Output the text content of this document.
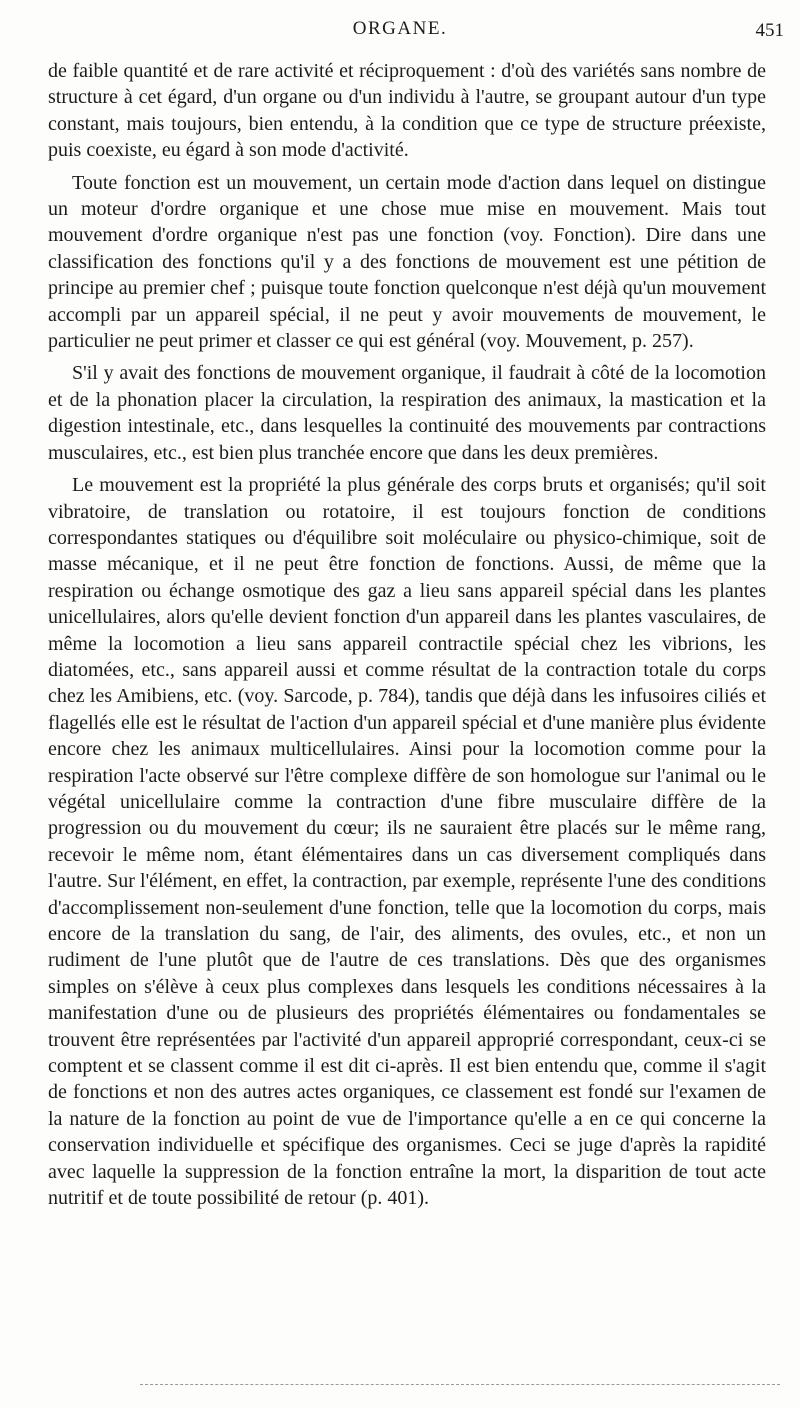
ORGANE.	451

de faible quantité et de rare activité et réciproquement : d'où des variétés sans nombre de structure à cet égard, d'un organe ou d'un individu à l'autre, se groupant autour d'un type constant, mais toujours, bien entendu, à la condition que ce type de structure préexiste, puis coexiste, eu égard à son mode d'activité.

Toute fonction est un mouvement, un certain mode d'action dans lequel on distingue un moteur d'ordre organique et une chose mue mise en mouvement. Mais tout mouvement d'ordre organique n'est pas une fonction (voy. Fonction). Dire dans une classification des fonctions qu'il y a des fonctions de mouvement est une pétition de principe au premier chef ; puisque toute fonction quelconque n'est déjà qu'un mouvement accompli par un appareil spécial, il ne peut y avoir mouvements de mouvement, le particulier ne peut primer et classer ce qui est général (voy. Mouvement, p. 257).

S'il y avait des fonctions de mouvement organique, il faudrait à côté de la locomotion et de la phonation placer la circulation, la respiration des animaux, la mastication et la digestion intestinale, etc., dans lesquelles la continuité des mouvements par contractions musculaires, etc., est bien plus tranchée encore que dans les deux premières.

Le mouvement est la propriété la plus générale des corps bruts et organisés; qu'il soit vibratoire, de translation ou rotatoire, il est toujours fonction de conditions correspondantes statiques ou d'équilibre soit moléculaire ou physico-chimique, soit de masse mécanique, et il ne peut être fonction de fonctions. Aussi, de même que la respiration ou échange osmotique des gaz a lieu sans appareil spécial dans les plantes unicellulaires, alors qu'elle devient fonction d'un appareil dans les plantes vasculaires, de même la locomotion a lieu sans appareil contractile spécial chez les vibrions, les diatomées, etc., sans appareil aussi et comme résultat de la contraction totale du corps chez les Amibiens, etc. (voy. Sarcode, p. 784), tandis que déjà dans les infusoires ciliés et flagellés elle est le résultat de l'action d'un appareil spécial et d'une manière plus évidente encore chez les animaux multicellulaires. Ainsi pour la locomotion comme pour la respiration l'acte observé sur l'être complexe diffère de son homologue sur l'animal ou le végétal unicellulaire comme la contraction d'une fibre musculaire diffère de la progression ou du mouvement du cœur; ils ne sauraient être placés sur le même rang, recevoir le même nom, étant élémentaires dans un cas diversement compliqués dans l'autre. Sur l'élément, en effet, la contraction, par exemple, représente l'une des conditions d'accomplissement non-seulement d'une fonction, telle que la locomotion du corps, mais encore de la translation du sang, de l'air, des aliments, des ovules, etc., et non un rudiment de l'une plutôt que de l'autre de ces translations. Dès que des organismes simples on s'élève à ceux plus complexes dans lesquels les conditions nécessaires à la manifestation d'une ou de plusieurs des propriétés élémentaires ou fondamentales se trouvent être représentées par l'activité d'un appareil approprié correspondant, ceux-ci se comptent et se classent comme il est dit ci-après. Il est bien entendu que, comme il s'agit de fonctions et non des autres actes organiques, ce classement est fondé sur l'examen de la nature de la fonction au point de vue de l'importance qu'elle a en ce qui concerne la conservation individuelle et spécifique des organismes. Ceci se juge d'après la rapidité avec laquelle la suppression de la fonction entraîne la mort, la disparition de tout acte nutritif et de toute possibilité de retour (p. 401).
